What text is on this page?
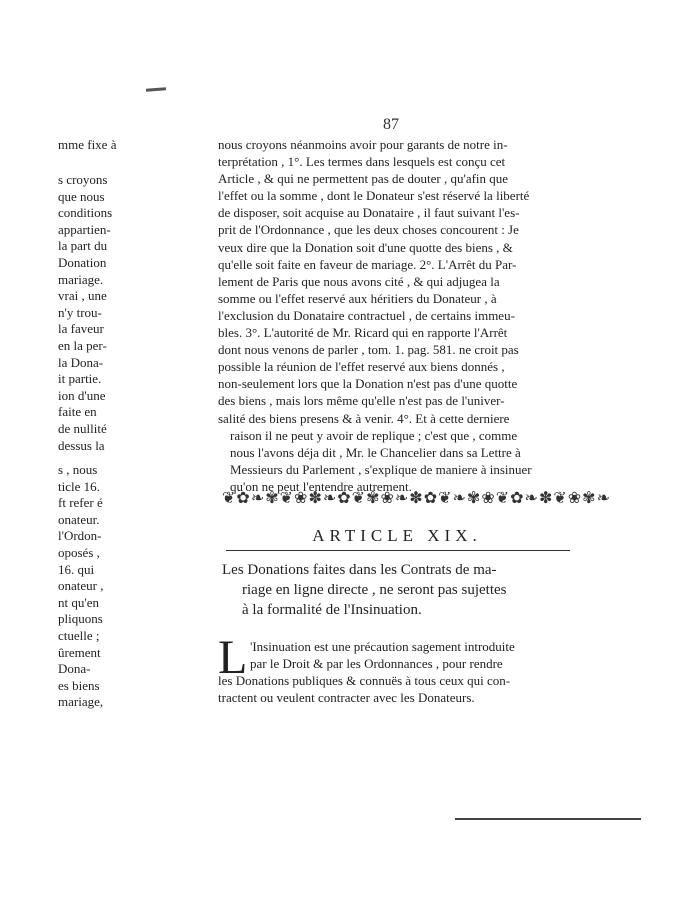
87
mme fixe à
s croyons
que nous
conditions
appartien-
la part du
Donation
mariage.
vrai , une
n'y trou-
la faveur
en la per-
la Dona-
it partie.
ion d'une
faite en
de nullité
dessus la
s , nous
ticle 16.
ft refer é
onateur.
l'Ordon-
oposés ,
16. qui
onateur ,
nt qu'en
pliquons
ctuelle ;
ûrement
Dona-
es biens
mariage,
nous croyons néanmoins avoir pour garants de notre in-
terprétation , 1°. Les termes dans lesquels est conçu cet
Article , & qui ne permettent pas de douter , qu'afin que
l'effet ou la somme , dont le Donateur s'est réservé la liberté
de disposer, soit acquise au Donataire , il faut suivant l'es-
prit de l'Ordonnance , que les deux choses concourent : Je
veux dire que la Donation soit d'une quotte des biens , &
qu'elle soit faite en faveur de mariage. 2°. L'Arrêt du Par-
lement de Paris que nous avons cité , & qui adjugea la
somme ou l'effet reservé aux héritiers du Donateur , à
l'exclusion du Donataire contractuel , de certains immeu-
bles. 3°. L'autorité de Mr. Ricard qui en rapporte l'Arrêt
dont nous venons de parler , tom. 1. pag. 581. ne croit pas
possible la réunion de l'effet reservé aux biens donnés ,
non-seulement lors que la Donation n'est pas d'une quotte
des biens , mais lors même qu'elle n'est pas de l'univer-
salité des biens presens & à venir. 4°. Et à cette derniere
raison il ne peut y avoir de replique ; c'est que , comme
nous l'avons déja dit , Mr. le Chancelier dans sa Lettre à
Messieurs du Parlement , s'explique de maniere à insinuer
qu'on ne peut l'entendre autrement.
❦✿❧✾❦❀✽❧✿❦✾❀❧✽✿❦❧✾❀❦✿❧✽❦❀✾❧
ARTICLE XIX.
Les Donations faites dans les Contrats de ma-
riage en ligne directe , ne seront pas sujettes
à la formalité de l'Insinuation.
L 'Insinuation est une précaution sagement introduite
par le Droit & par les Ordonnances , pour rendre
les Donations publiques & connuës à tous ceux qui con-
tractent ou veulent contracter avec les Donateurs.
